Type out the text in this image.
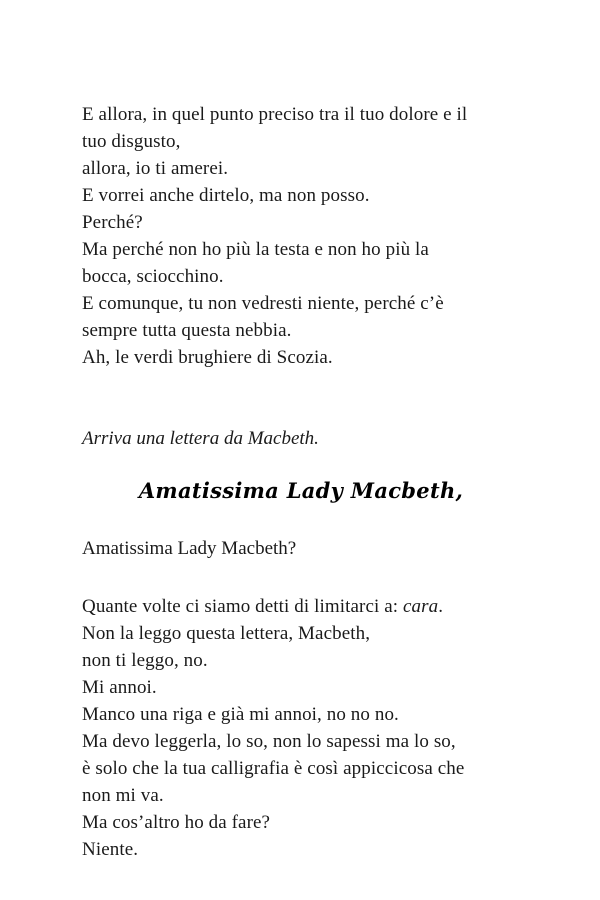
E allora, in quel punto preciso tra il tuo dolore e il
tuo disgusto,
allora, io ti amerei.
E vorrei anche dirtelo, ma non posso.
Perché?
Ma perché non ho più la testa e non ho più la
bocca, sciocchino.
E comunque, tu non vedresti niente, perché c’è
sempre tutta questa nebbia.
Ah, le verdi brughiere di Scozia.
Arriva una lettera da Macbeth.
Amatissima Lady Macbeth,
Amatissima Lady Macbeth?
Quante volte ci siamo detti di limitarci a: cara.
Non la leggo questa lettera, Macbeth,
non ti leggo, no.
Mi annoi.
Manco una riga e già mi annoi, no no no.
Ma devo leggerla, lo so, non lo sapessi ma lo so,
è solo che la tua calligrafia è così appiccicosa che
non mi va.
Ma cos’altro ho da fare?
Niente.
